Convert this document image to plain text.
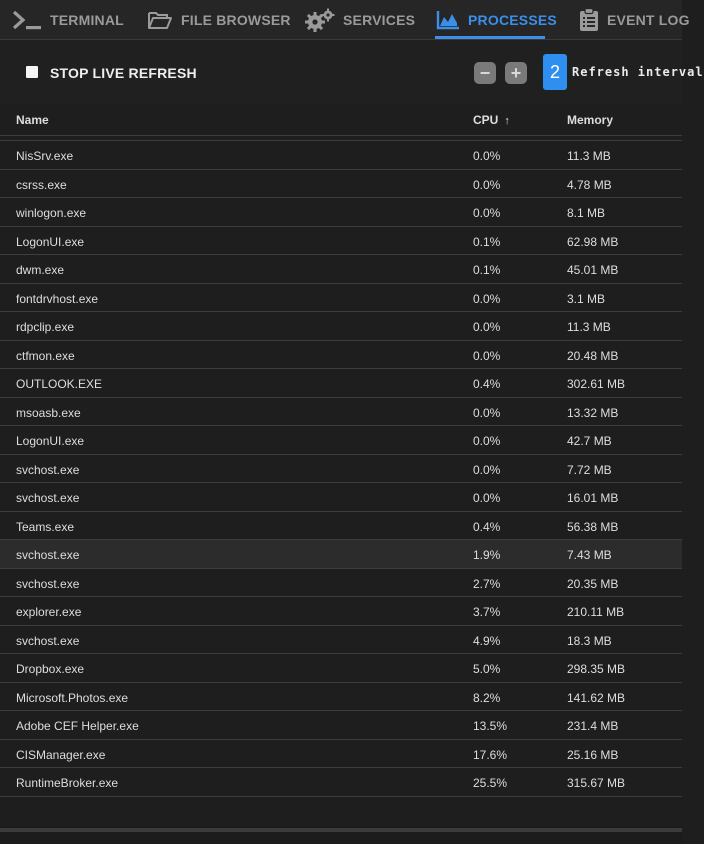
TERMINAL	FILE BROWSER	SERVICES	PROCESSES	EVENT LOG
STOP LIVE REFRESH	−	+	2	Refresh interval
Name	CPU ↑	Memory
NisSrv.exe	0.0%	11.3 MB
csrss.exe	0.0%	4.78 MB
winlogon.exe	0.0%	8.1 MB
LogonUI.exe	0.1%	62.98 MB
dwm.exe	0.1%	45.01 MB
fontdrvhost.exe	0.0%	3.1 MB
rdpclip.exe	0.0%	11.3 MB
ctfmon.exe	0.0%	20.48 MB
OUTLOOK.EXE	0.4%	302.61 MB
msoasb.exe	0.0%	13.32 MB
LogonUI.exe	0.0%	42.7 MB
svchost.exe	0.0%	7.72 MB
svchost.exe	0.0%	16.01 MB
Teams.exe	0.4%	56.38 MB
svchost.exe	1.9%	7.43 MB
svchost.exe	2.7%	20.35 MB
explorer.exe	3.7%	210.11 MB
svchost.exe	4.9%	18.3 MB
Dropbox.exe	5.0%	298.35 MB
Microsoft.Photos.exe	8.2%	141.62 MB
Adobe CEF Helper.exe	13.5%	231.4 MB
CISManager.exe	17.6%	25.16 MB
RuntimeBroker.exe	25.5%	315.67 MB
